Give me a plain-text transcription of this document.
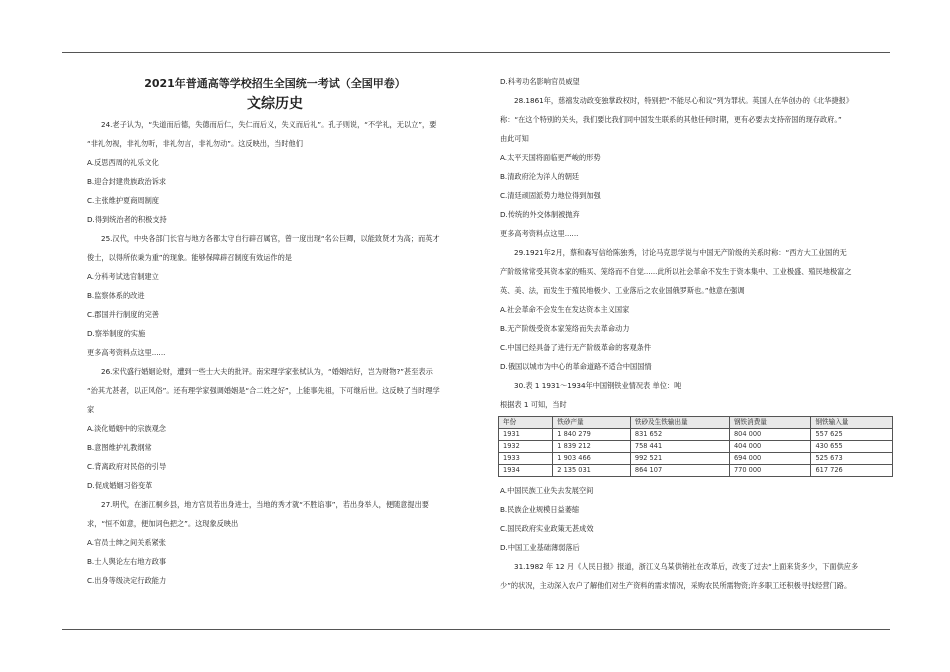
2021年普通高等学校招生全国统一考试（全国甲卷）

文综历史

24.老子认为，“失道而后德，失德而后仁，失仁而后义，失义而后礼”。孔子则说，“不学礼，无以立”，要

“非礼勿视，非礼勿听，非礼勿言，非礼勿动”。这反映出，当时他们

A.反思西周的礼乐文化

B.迎合封建贵族政治诉求

C.主张维护夏商周制度

D.得到统治者的积极支持

25.汉代，中央各部门长官与地方各都太守自行辟召属官，曾一度出现“名公巨卿，以能致贤才为高；而英才

俊士，以得所依秉为重”的现象。能够保障辟召制度有效运作的是

A.分科考试选官制建立

B.监察体系的改进

C.郡国并行制度的完善

D.察举制度的实施

更多高考资料点这里......

26.宋代盛行婚姻论财，遭到一些士大夫的批评。南宋理学家张栻认为，“婚姻结好，岂为财物?”甚至表示

“治其尤甚者，以正风俗”。还有理学家强调婚姻是“合二姓之好”，上能事先祖，下可继后世。这反映了当时理学

家

A.淡化婚姻中的宗族观念

B.意图维护礼教纲常

C.背离政府对民俗的引导

D.促成婚姻习俗变革

27.明代，在浙江桐乡县，地方官员若出身进士，当地的秀才就“不胜谄事”，若出身举人，便随意提出要

求，“恒不如意，便加词色把之”。这现象反映出

A.官员士绅之间关系紧张

B.士人舆论左右地方政事

C.出身等级决定行政能力

D.科考功名影响官员威望

28.1861年，慈禧发动政变独掌政权时，特别把“不能尽心和议”列为罪状。英国人在华创办的《北华捷报》

称：“在这个特别的关头，我们要比我们同中国发生联系的其他任何时期，更有必要去支持帝国的现存政府。”

由此可知

A.太平天国将面临更严峻的形势

B.清政府沦为洋人的朝廷

C.清廷顽固派势力地位得到加强

D.传统的外交体制被抛弃

更多高考资料点这里......

29.1921年2月，蔡和森写信给陈独秀，讨论马克思学说与中国无产阶级的关系时称：“西方大工业国的无

产阶级常常受其资本家的贿买、笼络而不自觉......此所以社会革命不发生于资本集中、工业极盛、殖民地极富之

英、美、法，而发生于殖民地极少、工业落后之农业国俄罗斯也。”他意在强调

A.社会革命不会发生在发达资本主义国家

B.无产阶级受资本家笼络而失去革命动力

C.中国已经具备了进行无产阶级革命的客观条件

D.俄国以城市为中心的革命道路不适合中国国情

30.表 1 1931～1934年中国钢铁业情况表 单位：吨

根据表 1 可知，当时

年份	铁砂产量	铁砂及生铁输出量	钢铁消费量	钢铁输入量
1931	1 840 279	831 652	804 000	557 625
1932	1 839 212	758 441	404 000	430 655
1933	1 903 466	992 521	694 000	525 673
1934	2 135 031	864 107	770 000	617 726

A.中国民族工业失去发展空间

B.民族企业规模日益萎缩

C.国民政府实业政策无甚成效

D.中国工业基础薄弱落后

31.1982 年 12 月《人民日报》报道，浙江义乌某供销社在改革后，改变了过去“上面来货多少，下面供应多

少”的状况，主动深入农户了解他们对生产资料的需求情况，采购农民所需物资;许多职工还积极寻找经营门路。
